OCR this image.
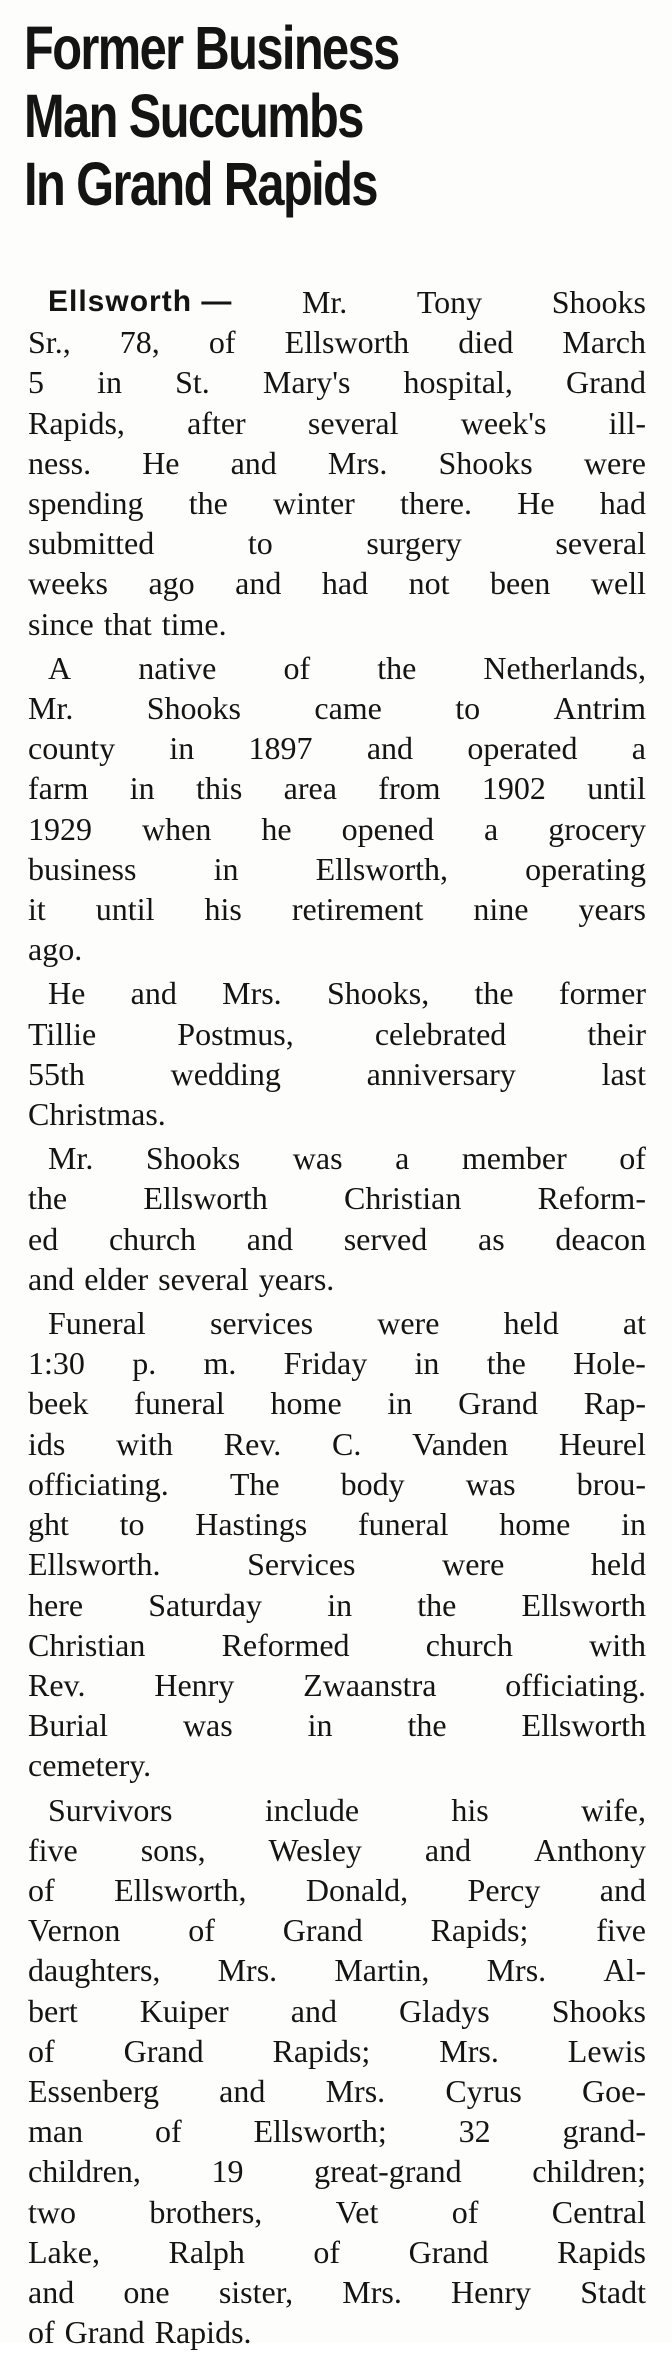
Former Business
Man Succumbs
In Grand Rapids
Ellsworth — Mr. Tony Shooks
Sr., 78, of Ellsworth died March
5 in St. Mary's hospital, Grand
Rapids, after several week's ill-
ness. He and Mrs. Shooks were
spending the winter there. He had
submitted	to	surgery	several
weeks ago and had not been well
since that time.
A native of the Netherlands,
Mr. Shooks came to Antrim
county in 1897 and operated a
farm in this area from 1902 until
1929 when he opened a grocery
business in Ellsworth, operating
it until his retirement nine years
ago.
He and Mrs. Shooks, the former
Tillie	Postmus,	celebrated	their
55th	wedding	anniversary	last
Christmas.
Mr. Shooks was a member of
the Ellsworth Christian Reform-
ed church and served as deacon
and elder several years.
Funeral services were held at
1:30 p. m. Friday in the Hole-
beek funeral home in Grand Rap-
ids with Rev. C. Vanden Heurel
officiating. The body was brou-
ght to Hastings funeral home in
Ellsworth.	Services	were	held
here Saturday in the Ellsworth
Christian Reformed church with
Rev. Henry Zwaanstra officiating.
Burial was in the Ellsworth
cemetery.
Survivors	include	his	wife,
five sons, Wesley and Anthony
of Ellsworth, Donald, Percy and
Vernon of Grand Rapids; five
daughters, Mrs. Martin, Mrs. Al-
bert Kuiper and Gladys Shooks
of Grand Rapids; Mrs. Lewis
Essenberg and Mrs. Cyrus Goe-
man of Ellsworth; 32 grand-
children, 19 great-grand children;
two brothers, Vet of Central
Lake, Ralph of Grand Rapids
and one sister, Mrs. Henry Stadt
of Grand Rapids.
